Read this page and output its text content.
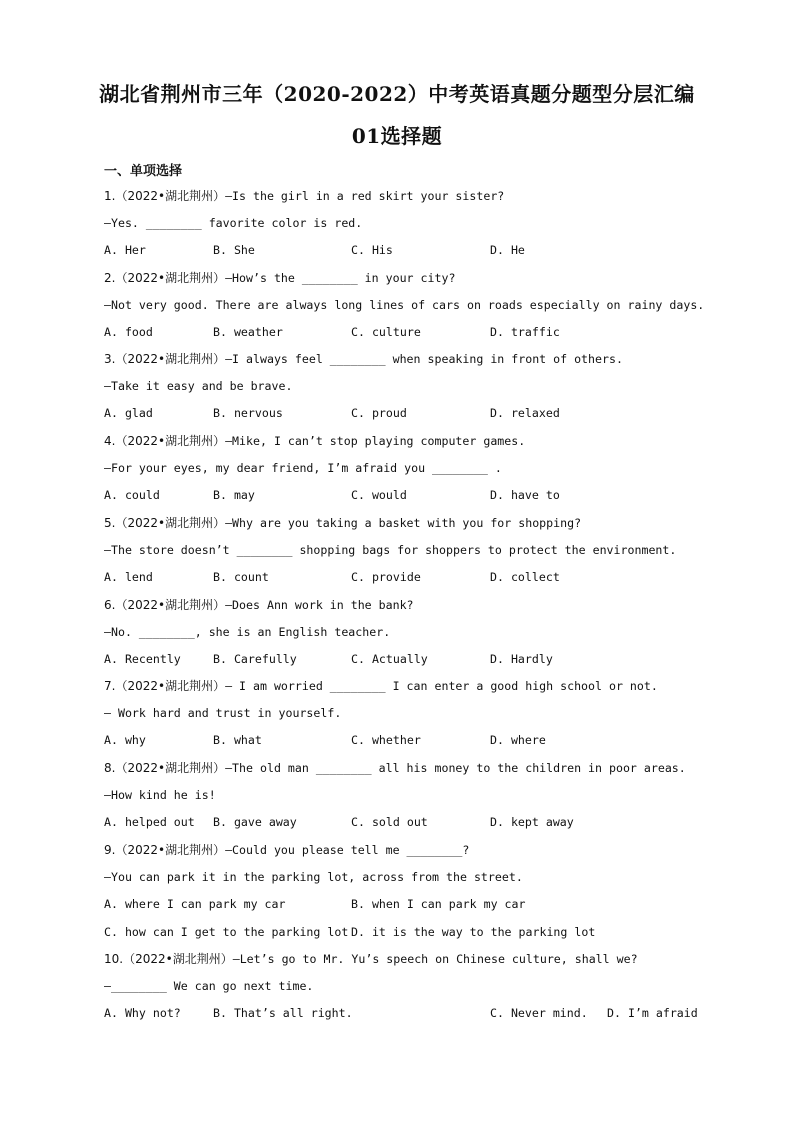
湖北省荆州市三年（2020-2022）中考英语真题分题型分层汇编
01选择题
一、单项选择
1.（2022•湖北荆州）—Is the girl in a red skirt your sister?
—Yes. ________ favorite color is red.
A. Her	B. She	C. His	D. He
2.（2022•湖北荆州）—How’s the ________ in your city?
—Not very good. There are always long lines of cars on roads especially on rainy days.
A. food	B. weather	C. culture	D. traffic
3.（2022•湖北荆州）—I always feel ________ when speaking in front of others.
—Take it easy and be brave.
A. glad	B. nervous	C. proud	D. relaxed
4.（2022•湖北荆州）—Mike, I can’t stop playing computer games.
—For your eyes, my dear friend, I’m afraid you ________ .
A. could	B. may	C. would	D. have to
5.（2022•湖北荆州）—Why are you taking a basket with you for shopping?
—The store doesn’t ________ shopping bags for shoppers to protect the environment.
A. lend	B. count	C. provide	D. collect
6.（2022•湖北荆州）—Does Ann work in the bank?
—No. ________, she is an English teacher.
A. Recently	B. Carefully	C. Actually	D. Hardly
7.（2022•湖北荆州）— I am worried ________ I can enter a good high school or not.
— Work hard and trust in yourself.
A. why	B. what	C. whether	D. where
8.（2022•湖北荆州）—The old man ________ all his money to the children in poor areas.
—How kind he is!
A. helped out B. gave away	C. sold out	D. kept away
9.（2022•湖北荆州）—Could you please tell me ________?
—You can park it in the parking lot, across from the street.
A. where I can park my car	B. when I can park my car
C. how can I get to the parking lot D. it is the way to the parking lot
10.（2022•湖北荆州）—Let’s go to Mr. Yu’s speech on Chinese culture, shall we?
—________ We can go next time.
A. Why not?	B. That’s all right.	C. Never mind. D. I’m afraid
